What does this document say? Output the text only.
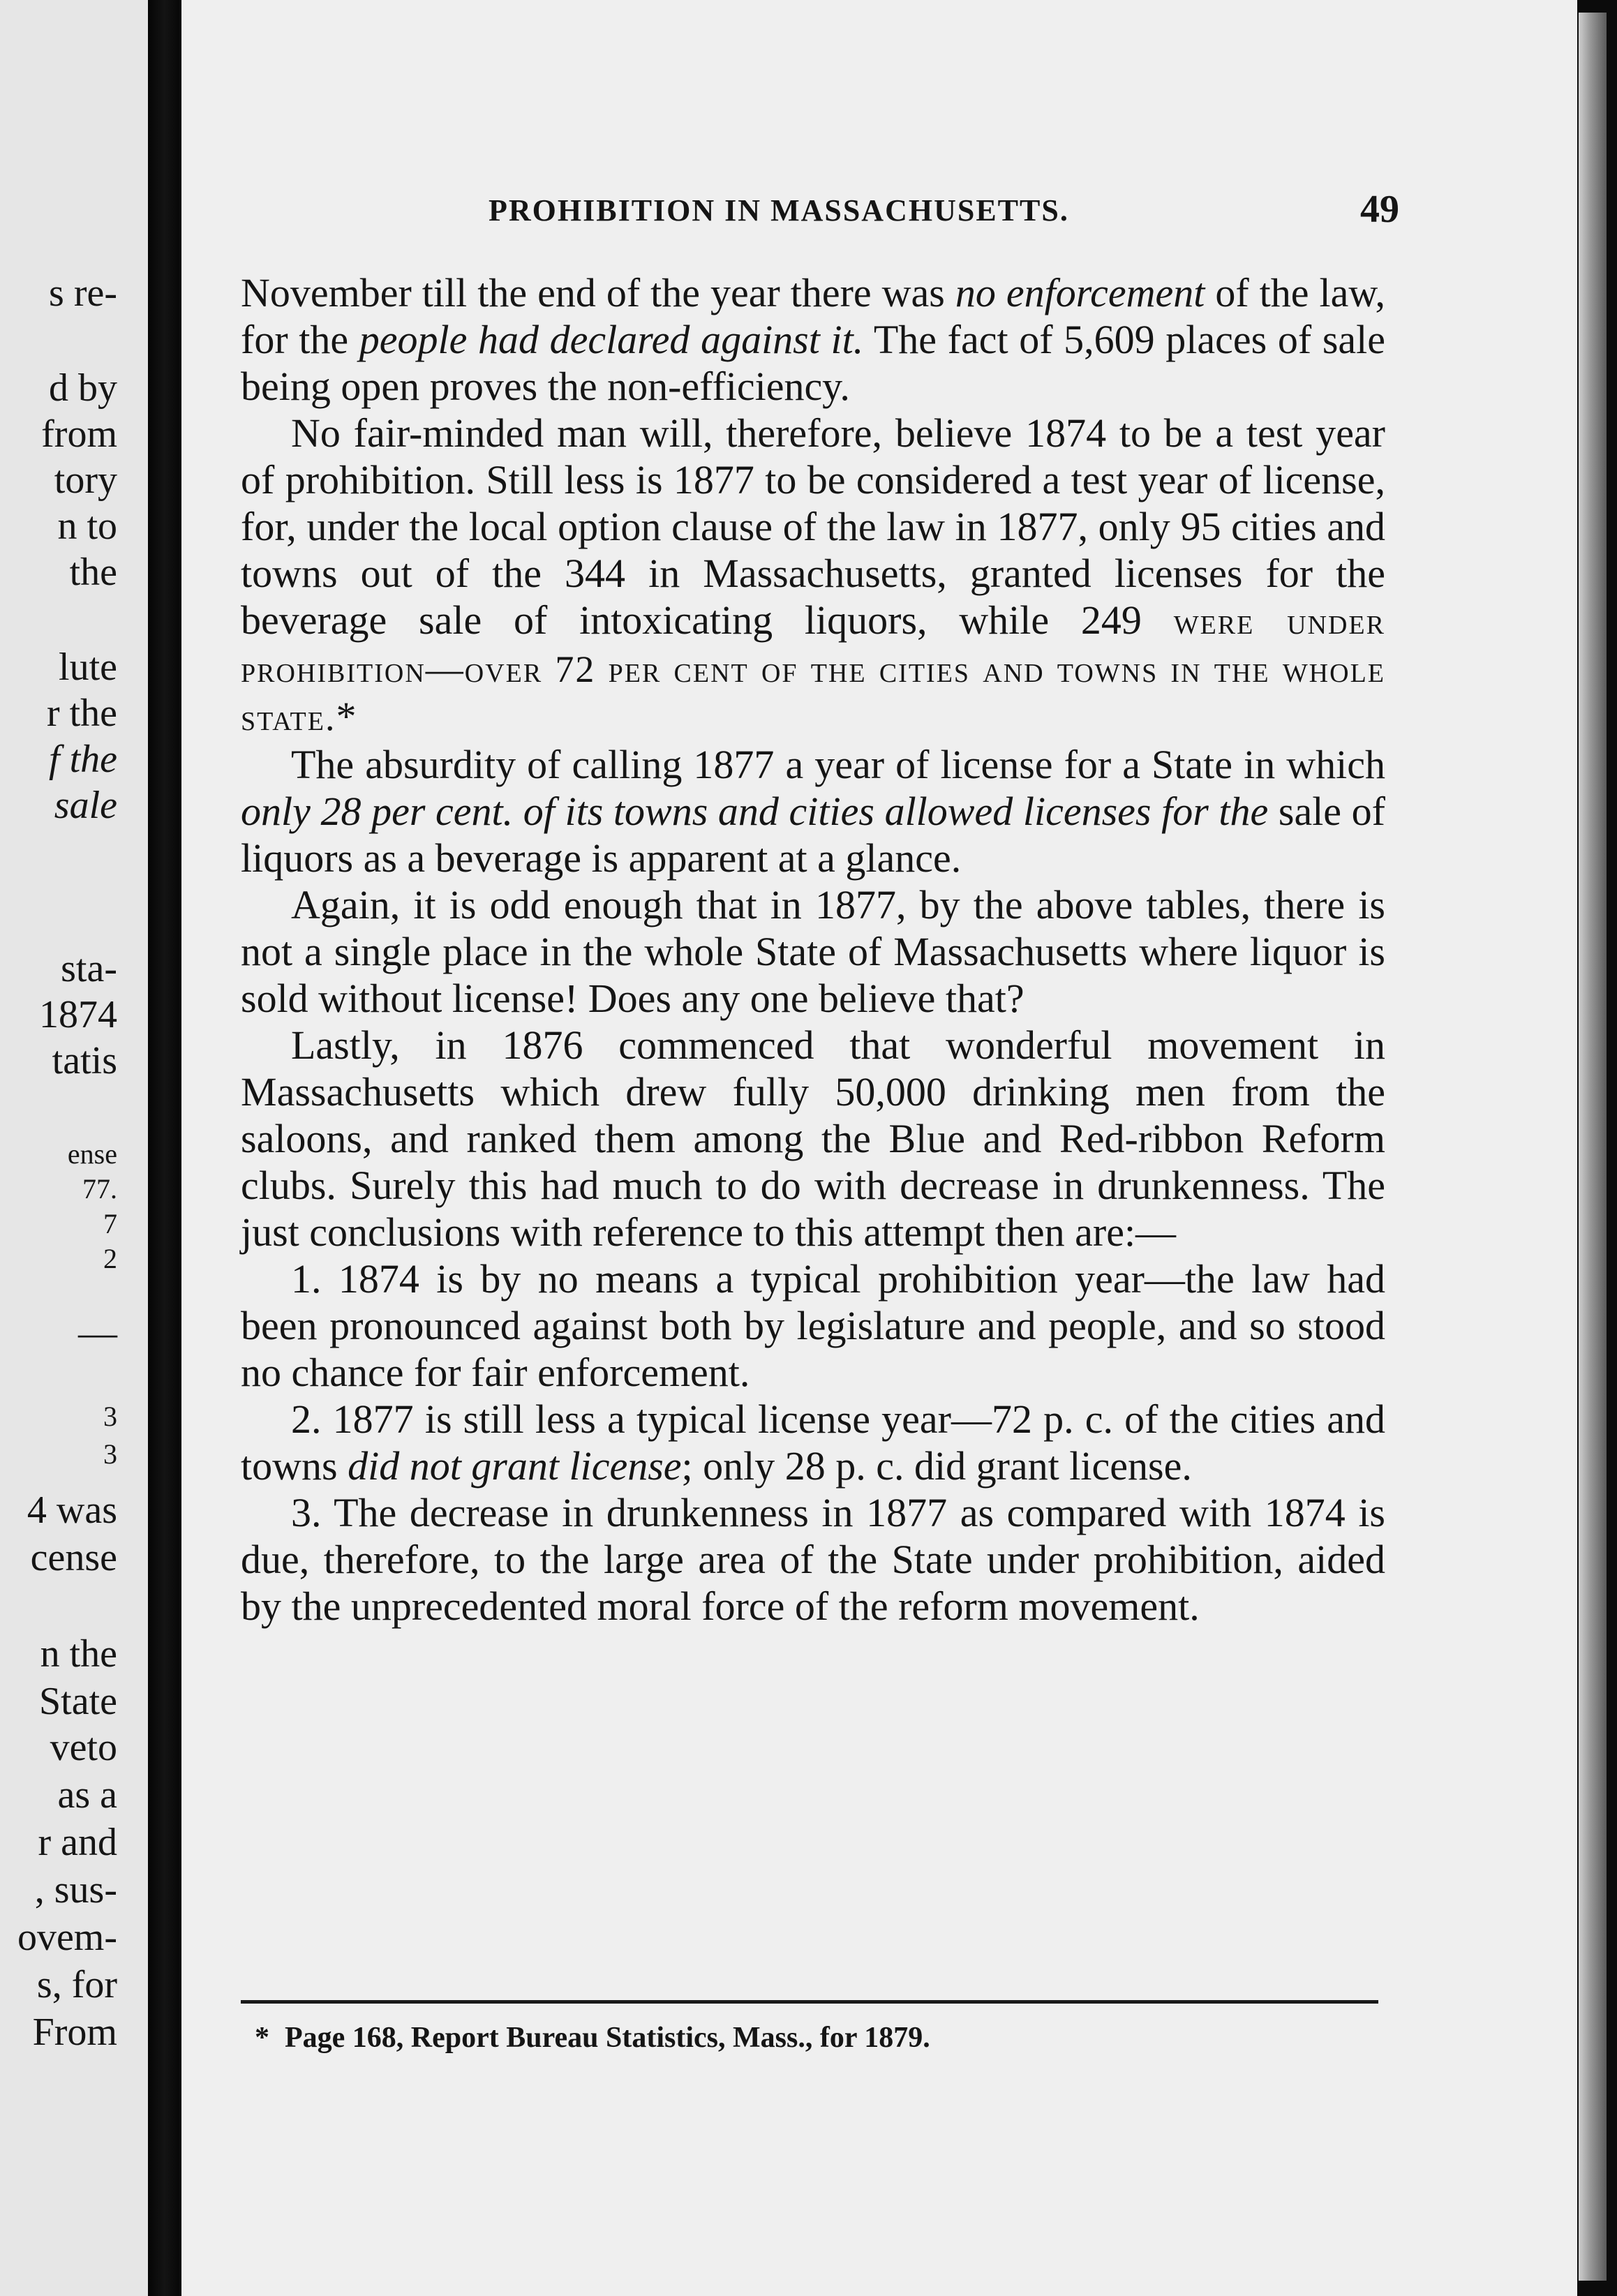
s re-
d by
from
tory
n to
the
lute
r the
f the
sale
sta-
1874
tatis
ense
77.
7
2
—
3
3
4 was
cense
n the
State
veto
as a
r and
, sus-
ovem-
s, for
From
PROHIBITION IN MASSACHUSETTS.	49

November till the end of the year there was no enforcement of the law, for the people had declared against it. The fact of 5,609 places of sale being open proves the non-efficiency.

No fair-minded man will, therefore, believe 1874 to be a test year of prohibition. Still less is 1877 to be considered a test year of license, for, under the local option clause of the law in 1877, only 95 cities and towns out of the 344 in Massachusetts, granted licenses for the beverage sale of intoxicating liquors, while 249 were under prohibition—over 72 per cent of the cities and towns in the whole state.*

The absurdity of calling 1877 a year of license for a State in which only 28 per cent. of its towns and cities allowed licenses for the sale of liquors as a beverage is apparent at a glance.

Again, it is odd enough that in 1877, by the above tables, there is not a single place in the whole State of Massachusetts where liquor is sold without license! Does any one believe that?

Lastly, in 1876 commenced that wonderful movement in Massachusetts which drew fully 50,000 drinking men from the saloons, and ranked them among the Blue and Red-ribbon Reform clubs. Surely this had much to do with decrease in drunkenness. The just conclusions with reference to this attempt then are:—

1. 1874 is by no means a typical prohibition year—the law had been pronounced against both by legislature and people, and so stood no chance for fair enforcement.

2. 1877 is still less a typical license year—72 p. c. of the cities and towns did not grant license; only 28 p. c. did grant license.

3. The decrease in drunkenness in 1877 as compared with 1874 is due, therefore, to the large area of the State under prohibition, aided by the unprecedented moral force of the reform movement.

* Page 168, Report Bureau Statistics, Mass., for 1879.
